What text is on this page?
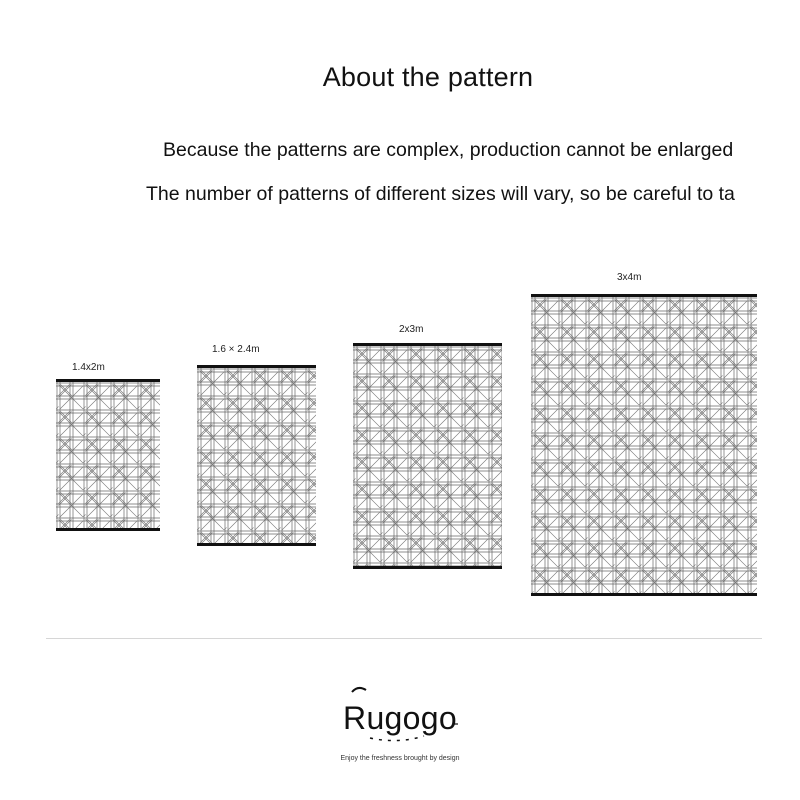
About the pattern

Because the patterns are complex, production cannot be enlarged

The number of patterns of different sizes will vary, so be careful to ta

1.4x2m
1.6 × 2.4m
2x3m
3x4m
Rugogo
Enjoy the freshness brought by design
